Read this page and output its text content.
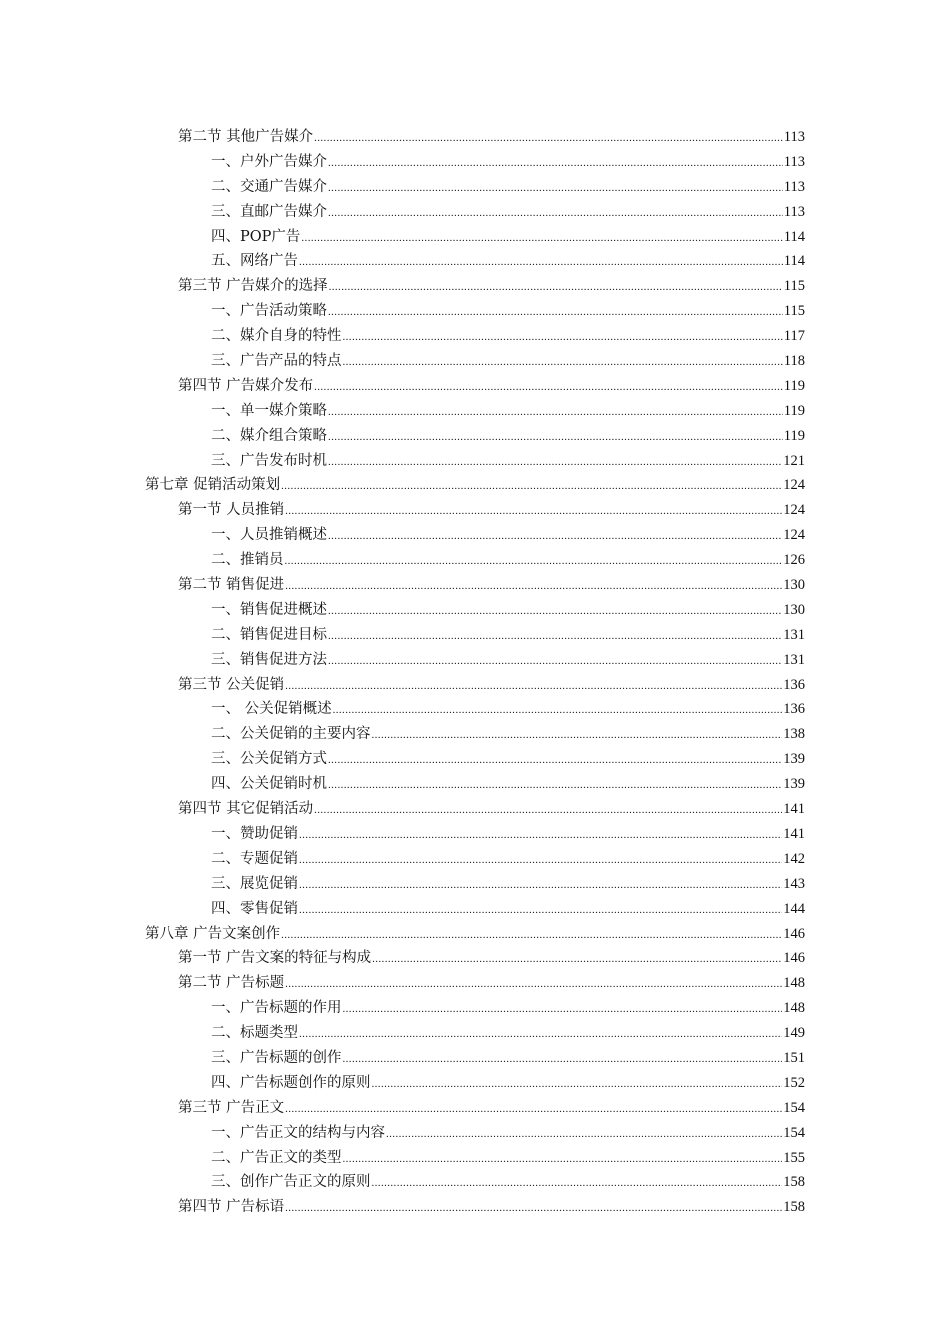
第二节 其他广告媒介 .....	113
一、户外广告媒介 .....	113
二、交通广告媒介 .....	113
三、直邮广告媒介 .....	113
四、POP广告 .....	114
五、网络广告 .....	114
第三节 广告媒介的选择 .....	115
一、广告活动策略 .....	115
二、媒介自身的特性 .....	117
三、广告产品的特点 .....	118
第四节 广告媒介发布 .....	119
一、单一媒介策略 .....	119
二、媒介组合策略 .....	119
三、广告发布时机 .....	121
第七章 促销活动策划 .....	124
第一节 人员推销 .....	124
一、人员推销概述 .....	124
二、推销员 .....	126
第二节 销售促进 .....	130
一、销售促进概述 .....	130
二、销售促进目标 .....	131
三、销售促进方法 .....	131
第三节 公关促销 .....	136
一、 公关促销概述 .....	136
二、公关促销的主要内容 .....	138
三、公关促销方式 .....	139
四、公关促销时机 .....	139
第四节 其它促销活动 .....	141
一、赞助促销 .....	141
二、专题促销 .....	142
三、展览促销 .....	143
四、零售促销 .....	144
第八章 广告文案创作 .....	146
第一节 广告文案的特征与构成 .....	146
第二节 广告标题 .....	148
一、广告标题的作用 .....	148
二、标题类型 .....	149
三、广告标题的创作 .....	151
四、广告标题创作的原则 .....	152
第三节 广告正文 .....	154
一、广告正文的结构与内容 .....	154
二、广告正文的类型 .....	155
三、创作广告正文的原则 .....	158
第四节 广告标语 .....	158
